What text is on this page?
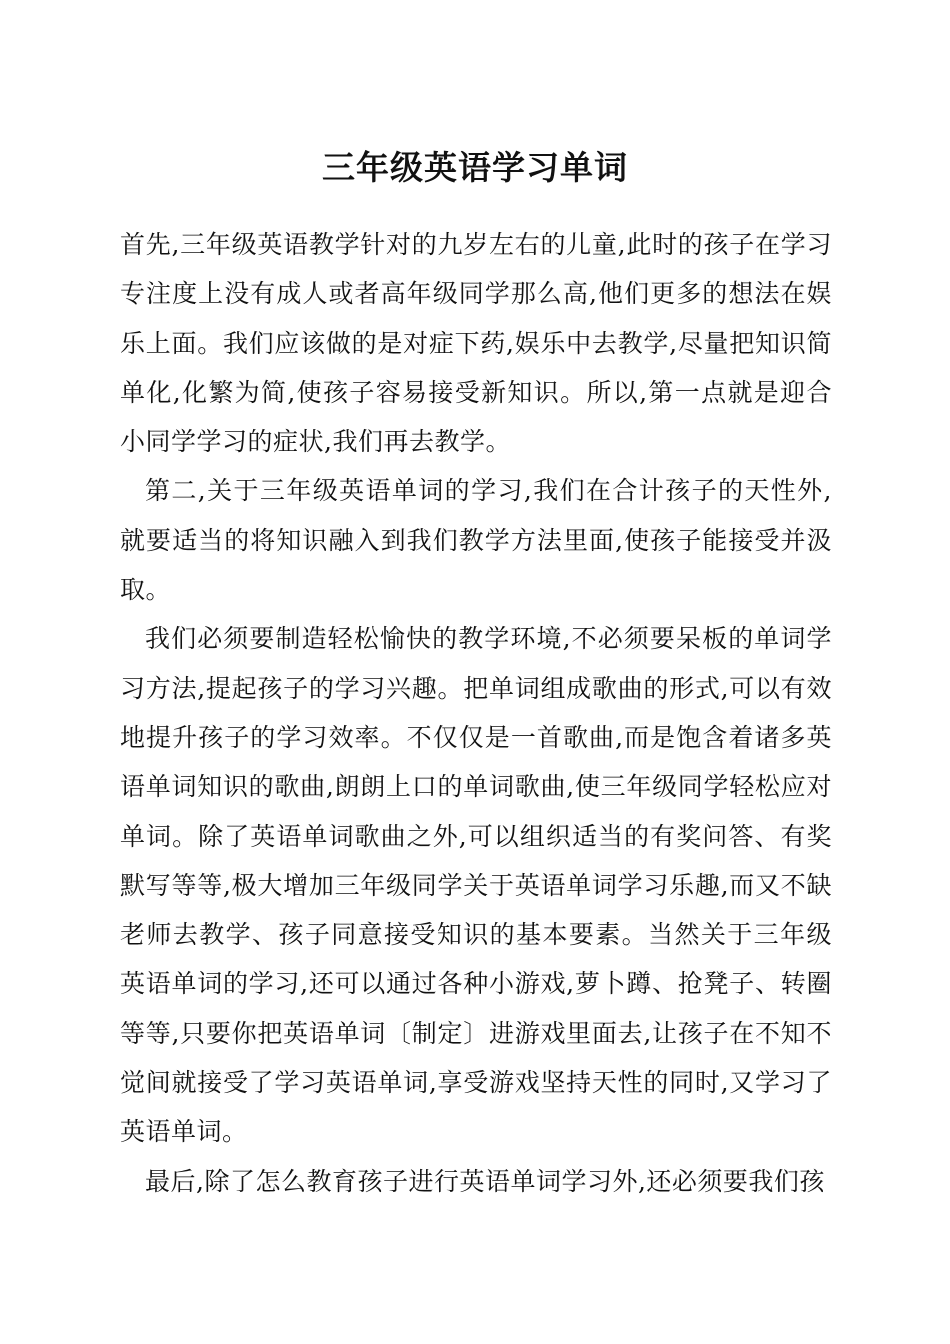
三年级英语学习单词

首先,三年级英语教学针对的九岁左右的儿童,此时的孩子在学习专注度上没有成人或者高年级同学那么高,他们更多的想法在娱乐上面。我们应该做的是对症下药,娱乐中去教学,尽量把知识简单化,化繁为简,使孩子容易接受新知识。所以,第一点就是迎合小同学学习的症状,我们再去教学。

第二,关于三年级英语单词的学习,我们在合计孩子的天性外,就要适当的将知识融入到我们教学方法里面,使孩子能接受并汲取。

我们必须要制造轻松愉快的教学环境,不必须要呆板的单词学习方法,提起孩子的学习兴趣。把单词组成歌曲的形式,可以有效地提升孩子的学习效率。不仅仅是一首歌曲,而是饱含着诸多英语单词知识的歌曲,朗朗上口的单词歌曲,使三年级同学轻松应对单词。除了英语单词歌曲之外,可以组织适当的有奖问答、有奖默写等等,极大增加三年级同学关于英语单词学习乐趣,而又不缺老师去教学、孩子同意接受知识的基本要素。当然关于三年级英语单词的学习,还可以通过各种小游戏,萝卜蹲、抢凳子、转圈等等,只要你把英语单词〔制定〕进游戏里面去,让孩子在不知不觉间就接受了学习英语单词,享受游戏坚持天性的同时,又学习了英语单词。

最后,除了怎么教育孩子进行英语单词学习外,还必须要我们孩
